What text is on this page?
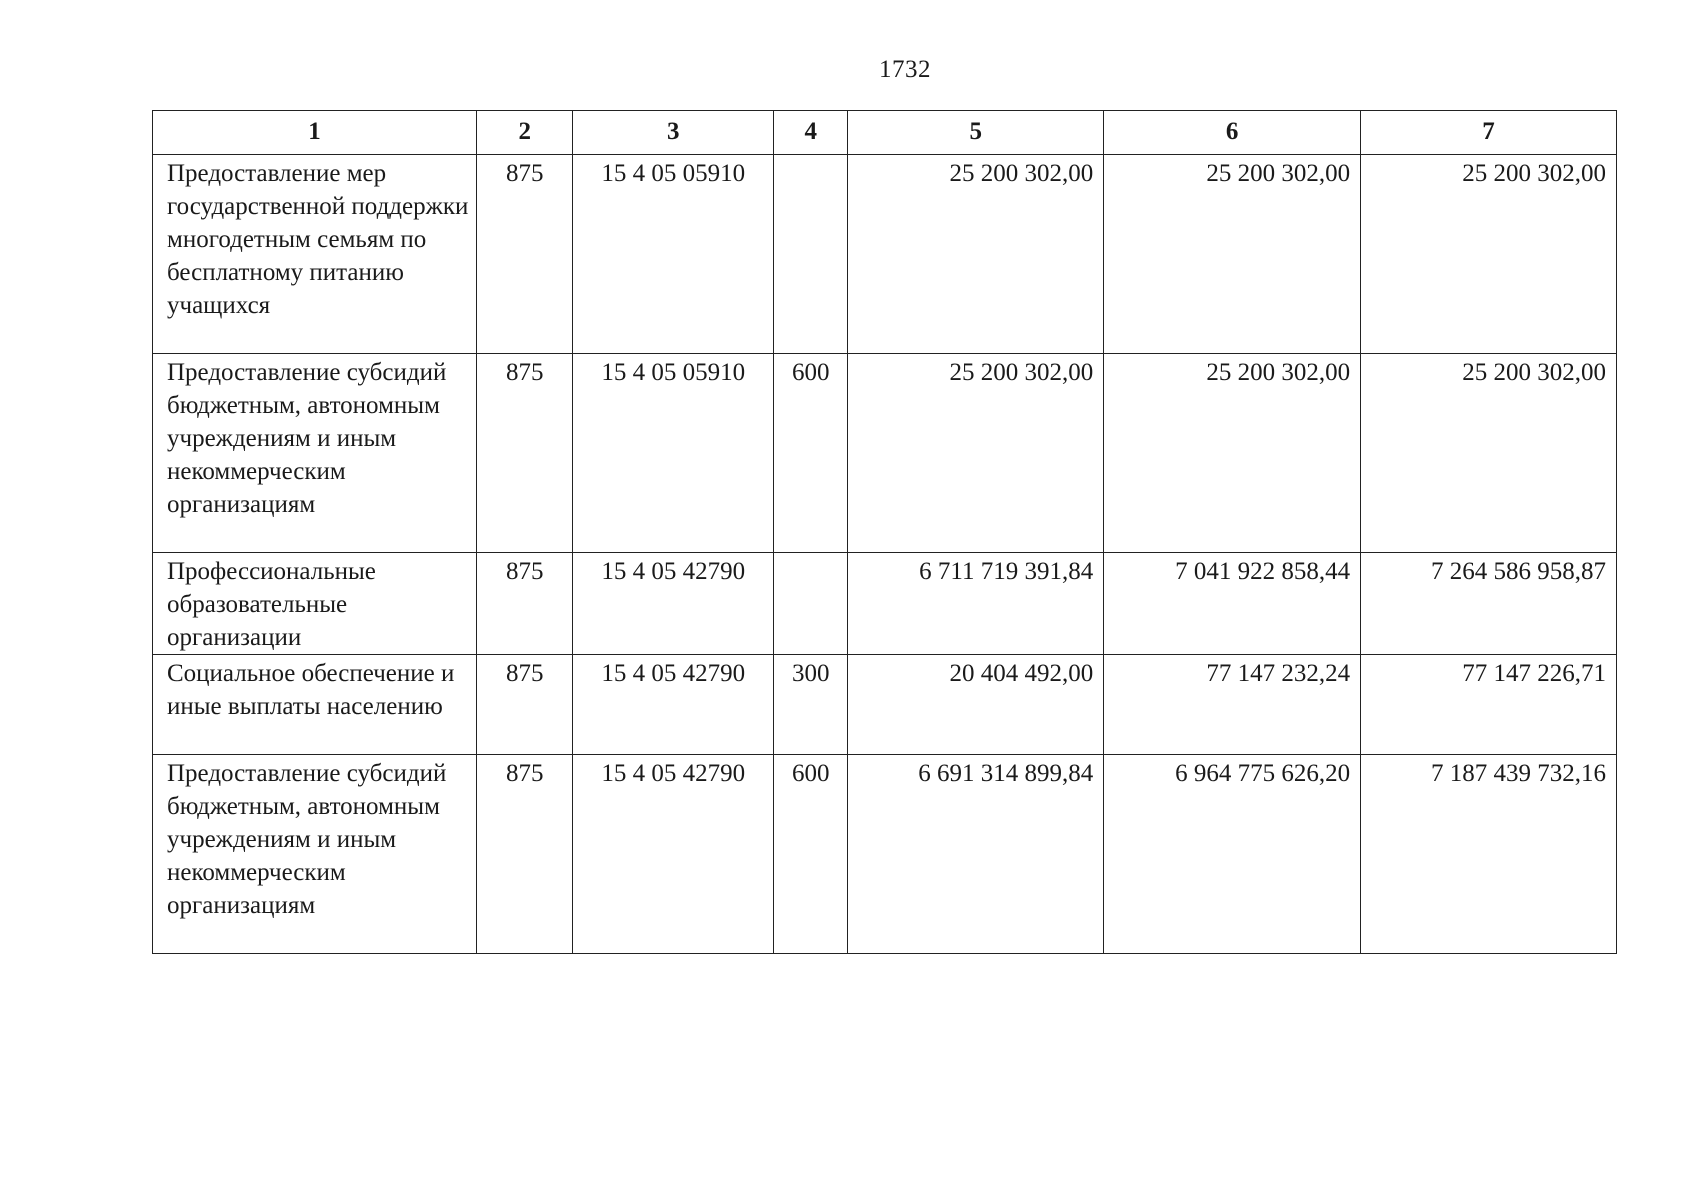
1732
1	2	3	4	5	6	7
Предоставление мер государственной поддержки многодетным семьям по бесплатному питанию учащихся	875	15 4 05 05910		25 200 302,00	25 200 302,00	25 200 302,00
Предоставление субсидий бюджетным, автономным учреждениям и иным некоммерческим организациям	875	15 4 05 05910	600	25 200 302,00	25 200 302,00	25 200 302,00
Профессиональные образовательные организации	875	15 4 05 42790		6 711 719 391,84	7 041 922 858,44	7 264 586 958,87
Социальное обеспечение и иные выплаты населению	875	15 4 05 42790	300	20 404 492,00	77 147 232,24	77 147 226,71
Предоставление субсидий бюджетным, автономным учреждениям и иным некоммерческим организациям	875	15 4 05 42790	600	6 691 314 899,84	6 964 775 626,20	7 187 439 732,16
